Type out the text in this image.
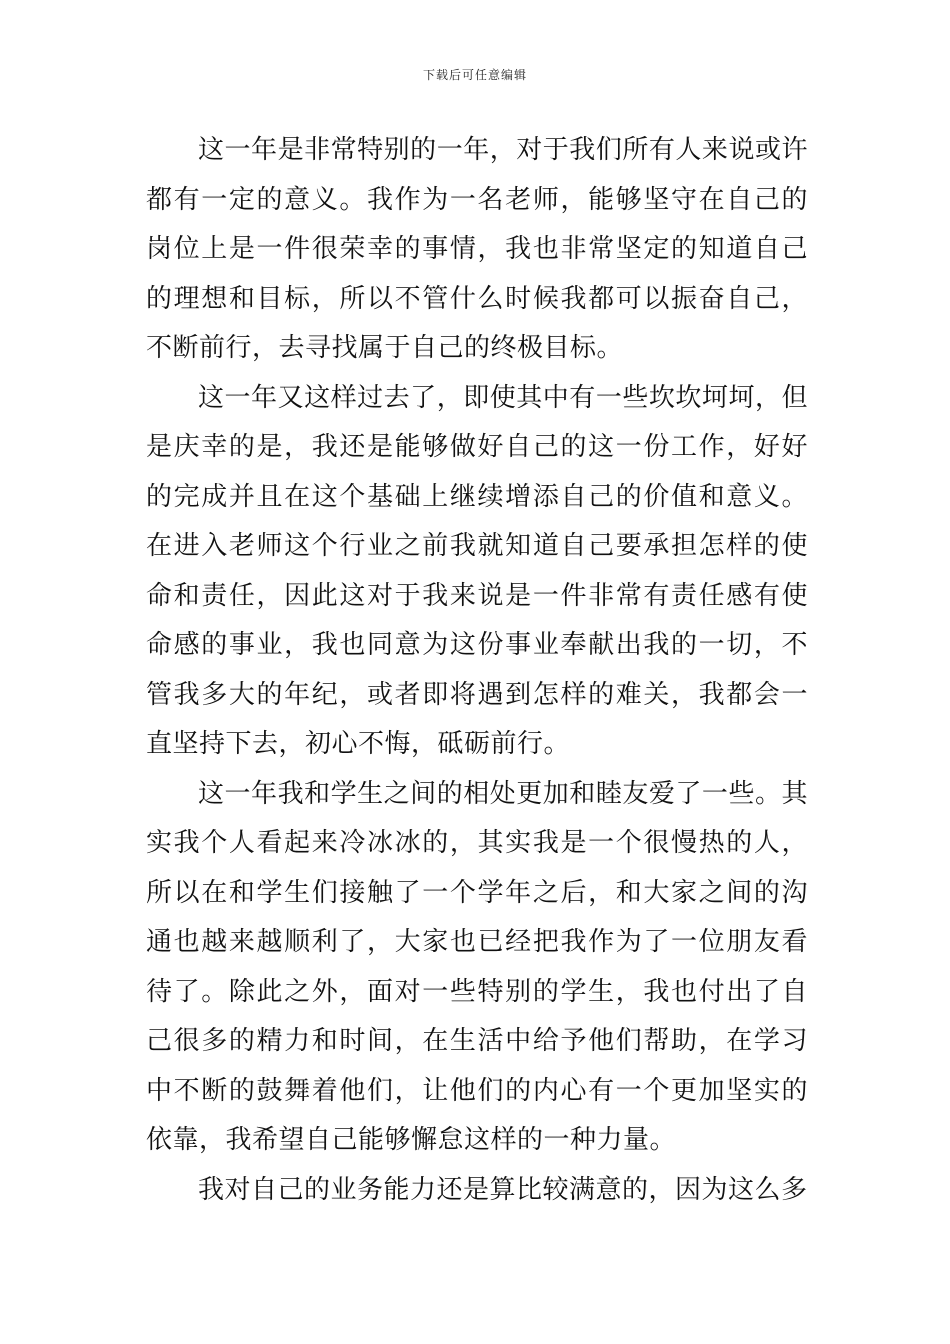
下载后可任意编辑

这一年是非常特别的一年，对于我们所有人来说或许都有一定的意义。我作为一名老师，能够坚守在自己的岗位上是一件很荣幸的事情，我也非常坚定的知道自己的理想和目标，所以不管什么时候我都可以振奋自己，不断前行，去寻找属于自己的终极目标。

这一年又这样过去了，即使其中有一些坎坎坷坷，但是庆幸的是，我还是能够做好自己的这一份工作，好好的完成并且在这个基础上继续增添自己的价值和意义。在进入老师这个行业之前我就知道自己要承担怎样的使命和责任，因此这对于我来说是一件非常有责任感有使命感的事业，我也同意为这份事业奉献出我的一切，不管我多大的年纪，或者即将遇到怎样的难关，我都会一直坚持下去，初心不悔，砥砺前行。

这一年我和学生之间的相处更加和睦友爱了一些。其实我个人看起来冷冰冰的，其实我是一个很慢热的人，所以在和学生们接触了一个学年之后，和大家之间的沟通也越来越顺利了，大家也已经把我作为了一位朋友看待了。除此之外，面对一些特别的学生，我也付出了自己很多的精力和时间，在生活中给予他们帮助，在学习中不断的鼓舞着他们，让他们的内心有一个更加坚实的依靠，我希望自己能够懈怠这样的一种力量。

我对自己的业务能力还是算比较满意的，因为这么多
